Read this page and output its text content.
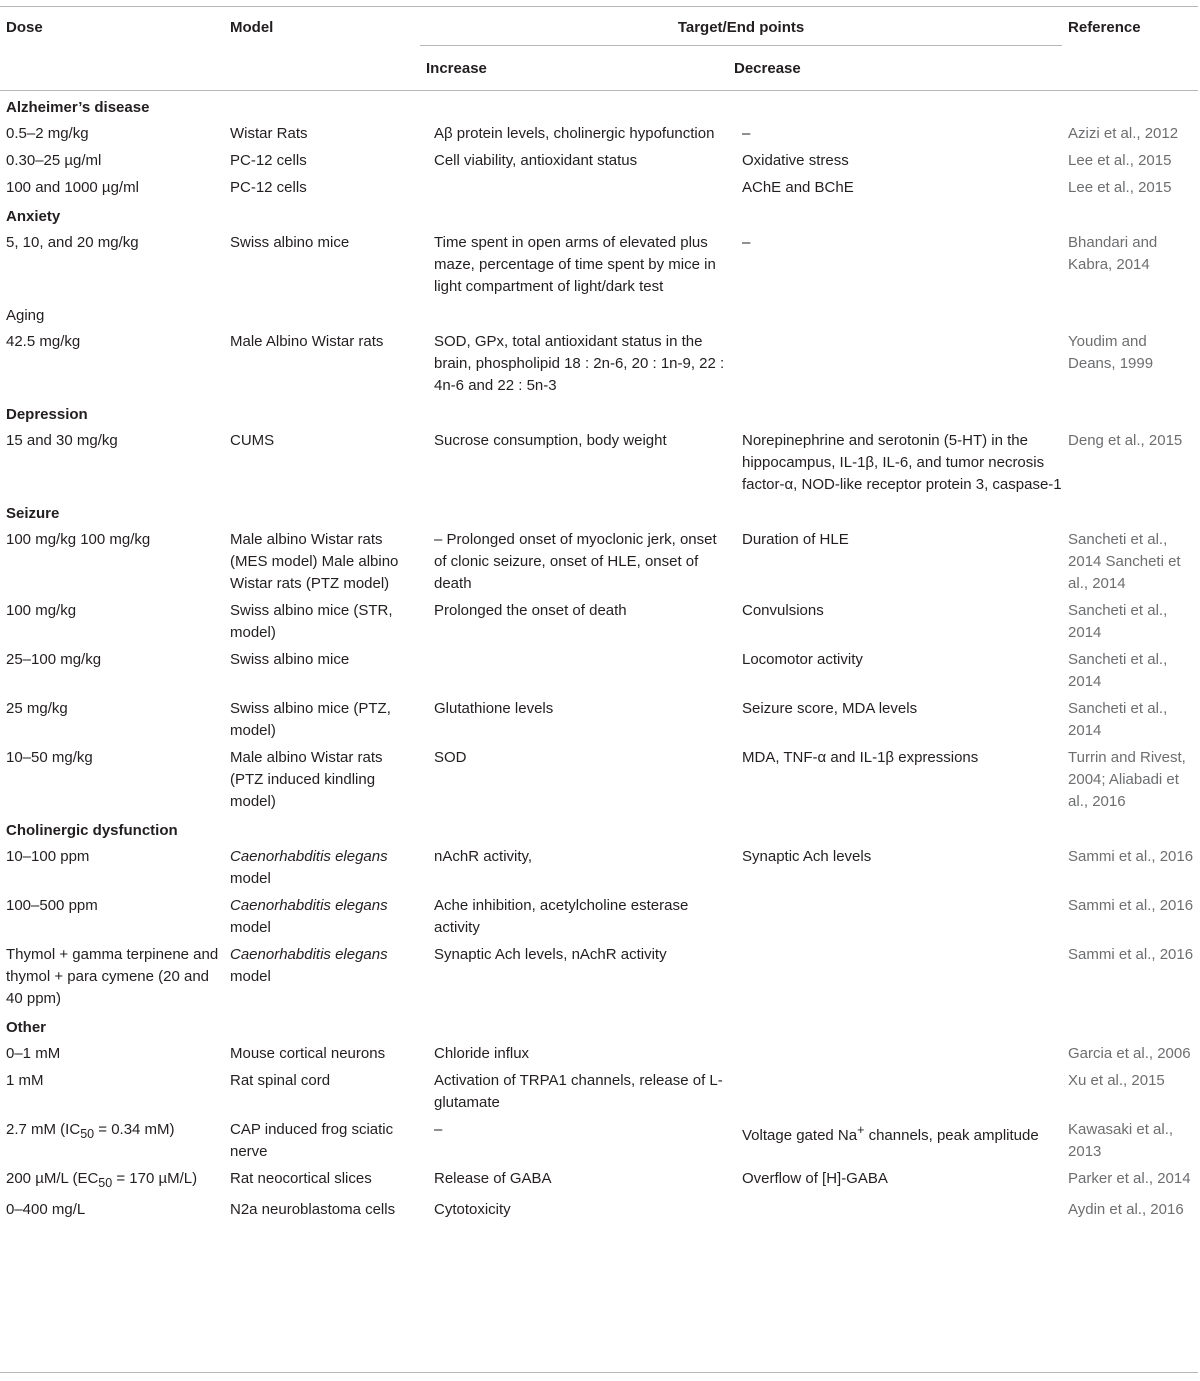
Dose	Model	Target/End points		Reference
		Increase	Decrease	
Alzheimer’s disease				
0.5–2 mg/kg	Wistar Rats	Aβ protein levels, cholinergic hypofunction	–	Azizi et al., 2012
0.30–25 µg/ml	PC-12 cells	Cell viability, antioxidant status	Oxidative stress	Lee et al., 2015
100 and 1000 µg/ml	PC-12 cells		AChE and BChE	Lee et al., 2015
Anxiety				
5, 10, and 20 mg/kg	Swiss albino mice	Time spent in open arms of elevated plus maze, percentage of time spent by mice in light compartment of light/dark test	–	Bhandari and Kabra, 2014
Aging				
42.5 mg/kg	Male Albino Wistar rats	SOD, GPx, total antioxidant status in the brain, phospholipid 18 : 2n-6, 20 : 1n-9, 22 : 4n-6 and 22 : 5n-3		Youdim and Deans, 1999
Depression				
15 and 30 mg/kg	CUMS	Sucrose consumption, body weight	Norepinephrine and serotonin (5-HT) in the hippocampus, IL-1β, IL-6, and tumor necrosis factor-α, NOD-like receptor protein 3, caspase-1	Deng et al., 2015
Seizure				
100 mg/kg 100 mg/kg	Male albino Wistar rats (MES model) Male albino Wistar rats (PTZ model)	– Prolonged onset of myoclonic jerk, onset of clonic seizure, onset of HLE, onset of death	Duration of HLE	Sancheti et al., 2014 Sancheti et al., 2014
100 mg/kg	Swiss albino mice (STR, model)	Prolonged the onset of death	Convulsions	Sancheti et al., 2014
25–100 mg/kg	Swiss albino mice		Locomotor activity	Sancheti et al., 2014
25 mg/kg	Swiss albino mice (PTZ, model)	Glutathione levels	Seizure score, MDA levels	Sancheti et al., 2014
10–50 mg/kg	Male albino Wistar rats (PTZ induced kindling model)	SOD	MDA, TNF-α and IL-1β expressions	Turrin and Rivest, 2004; Aliabadi et al., 2016
Cholinergic dysfunction				
10–100 ppm	Caenorhabditis elegans model	nAchR activity,	Synaptic Ach levels	Sammi et al., 2016
100–500 ppm	Caenorhabditis elegans model	Ache inhibition, acetylcholine esterase activity		Sammi et al., 2016
Thymol + gamma terpinene and thymol + para cymene (20 and 40 ppm)	Caenorhabditis elegans model	Synaptic Ach levels, nAchR activity		Sammi et al., 2016
Other				
0–1 mM	Mouse cortical neurons	Chloride influx		Garcia et al., 2006
1 mM	Rat spinal cord	Activation of TRPA1 channels, release of L-glutamate		Xu et al., 2015
2.7 mM ($IC_{50} = 0.34$ mM)	CAP induced frog sciatic nerve	–	Voltage gated Na+ channels, peak amplitude	Kawasaki et al., 2013
200 µM/L ($EC_{50} = 170$ µM/L)	Rat neocortical slices	Release of GABA	Overflow of [H]-GABA	Parker et al., 2014
0–400 mg/L	N2a neuroblastoma cells	Cytotoxicity		Aydin et al., 2016
